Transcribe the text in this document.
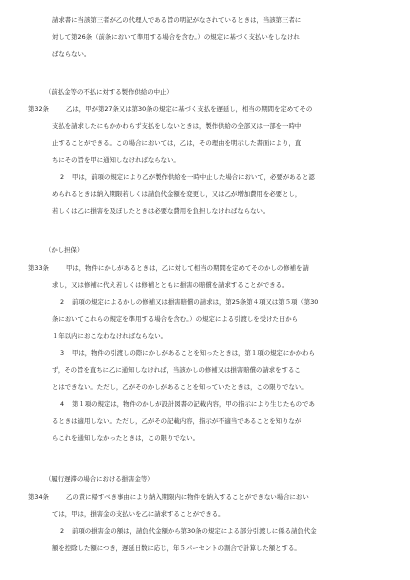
請求書に当該第三者が乙の代理人である旨の明記がなされているときは，当該第三者に
対して第26条（前条において準用する場合を含む。）の規定に基づく支払いをしなけれ
ばならない。
（前払金等の不払に対する製作供給の中止）
第32条	乙は，甲が第27条又は第30条の規定に基づく支払を遅延し，相当の期間を定めてその
支払を請求したにもかかわらず支払をしないときは，製作供給の全部又は一部を一時中
止することができる。この場合においては，乙は，その理由を明示した書面により，直
ちにその旨を甲に通知しなければならない。
2 甲は，前項の規定により乙が製作供給を一時中止した場合において，必要があると認
められるときは納入期限若しくは請負代金額を変更し，又は乙が増加費用を必要とし，
若しくは乙に損害を及ぼしたときは必要な費用を負担しなければならない。
（かし担保）
第33条	甲は，物件にかしがあるときは，乙に対して相当の期間を定めてそのかしの修補を請
求し，又は修補に代え若しくは修補とともに損害の賠償を請求することができる。
2 前項の規定によるかしの修補又は損害賠償の請求は，第25条第４項又は第５項（第30
条においてこれらの規定を準用する場合を含む。）の規定による引渡しを受けた日から
１年以内におこなわなければならない。
3 甲は，物件の引渡しの際にかしがあることを知ったときは，第１項の規定にかかわら
ず，その旨を直ちに乙に通知しなければ，当該かしの修補又は損害賠償の請求をするこ
とはできない。ただし，乙がそのかしがあることを知っていたときは，この限りでない。
4 第１項の規定は，物件のかしが設計図書の記載内容，甲の指示により生じたものであ
るときは適用しない。ただし，乙がその記載内容，指示が不適当であることを知りなが
らこれを通知しなかったときは，この限りでない。
（履行遅滞の場合における損害金等）
第34条	乙の責に帰すべき事由により納入期限内に物件を納入することができない場合におい
ては，甲は，損害金の支払いを乙に請求することができる。
2 前項の損害金の額は，請負代金額から第30条の規定による部分引渡しに係る請負代金
額を控除した額につき，遅延日数に応じ，年５パーセントの割合で計算した額とする。
